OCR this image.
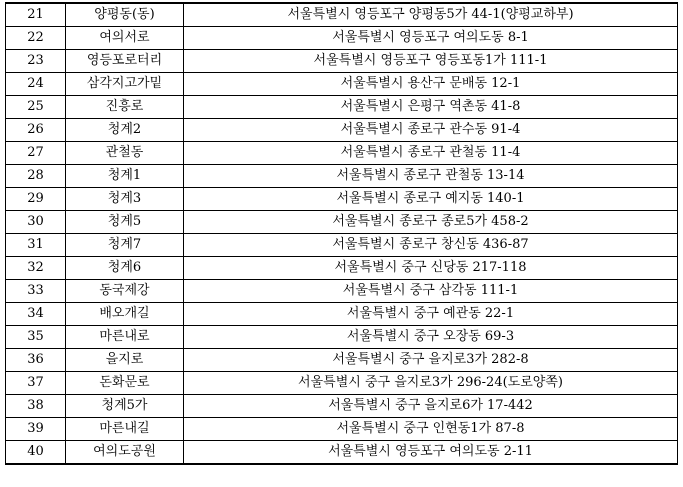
21	양평동(동)	서울특별시 영등포구 양평동5가 44-1(양평교하부)
22	여의서로	서울특별시 영등포구 여의도동 8-1
23	영등포로터리	서울특별시 영등포구 영등포동1가 111-1
24	삼각지고가밑	서울특별시 용산구 문배동 12-1
25	진흥로	서울특별시 은평구 역촌동 41-8
26	청계2	서울특별시 종로구 관수동 91-4
27	관철동	서울특별시 종로구 관철동 11-4
28	청계1	서울특별시 종로구 관철동 13-14
29	청계3	서울특별시 종로구 예지동 140-1
30	청계5	서울특별시 종로구 종로5가 458-2
31	청계7	서울특별시 종로구 창신동 436-87
32	청계6	서울특별시 중구 신당동 217-118
33	동국제강	서울특별시 중구 삼각동 111-1
34	배오개길	서울특별시 중구 예관동 22-1
35	마른내로	서울특별시 중구 오장동 69-3
36	을지로	서울특별시 중구 을지로3가 282-8
37	돈화문로	서울특별시 중구 을지로3가 296-24(도로양쪽)
38	청계5가	서울특별시 중구 을지로6가 17-442
39	마른내길	서울특별시 중구 인현동1가 87-8
40	여의도공원	서울특별시 영등포구 여의도동 2-11
